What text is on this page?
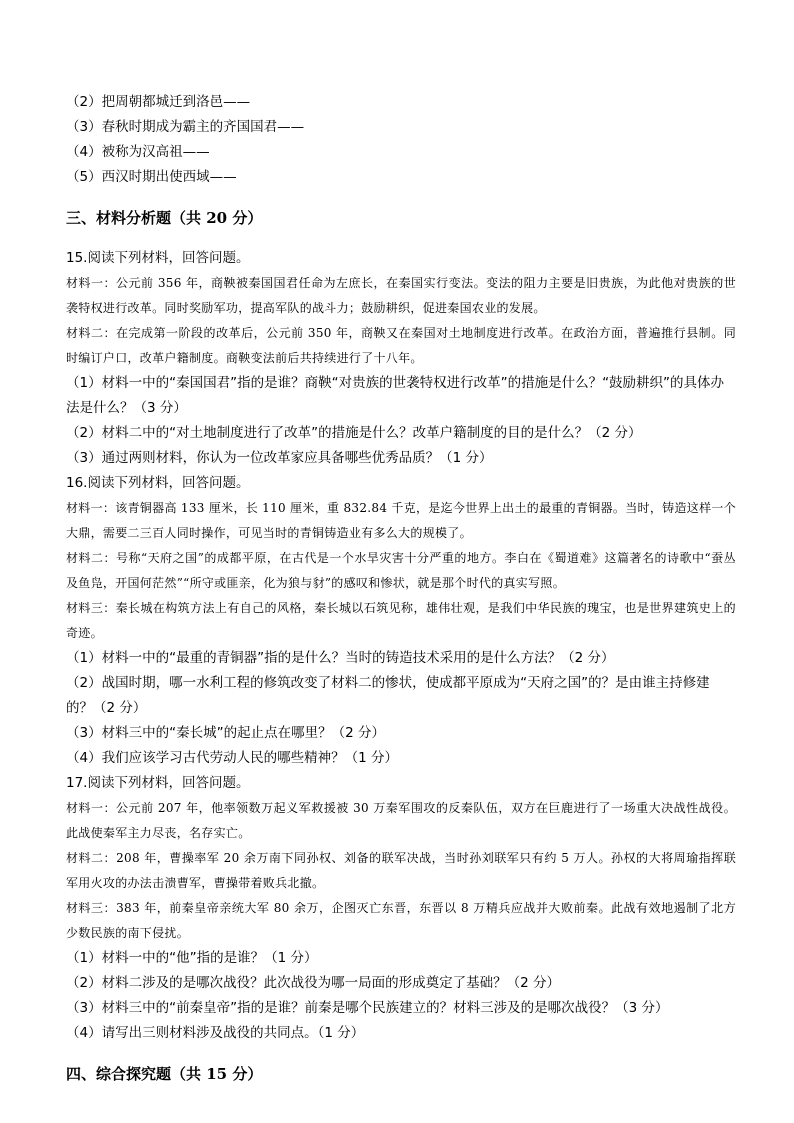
（2）把周朝都城迁到洛邑——

（3）春秋时期成为霸主的齐国国君——

（4）被称为汉高祖——

（5）西汉时期出使西域——

三、材料分析题（共 20 分）

15.阅读下列材料，回答问题。

材料一：公元前 356 年，商鞅被秦国国君任命为左庶长，在秦国实行变法。变法的阻力主要是旧贵族，为此他对贵族的世袭特权进行改革。同时奖励军功，提高军队的战斗力；鼓励耕织，促进秦国农业的发展。

材料二：在完成第一阶段的改革后，公元前 350 年，商鞅又在秦国对土地制度进行改革。在政治方面，普遍推行县制。同时编订户口，改革户籍制度。商鞅变法前后共持续进行了十八年。

（1）材料一中的“秦国国君”指的是谁？商鞅“对贵族的世袭特权进行改革”的措施是什么？“鼓励耕织”的具体办法是什么？（3 分）

（2）材料二中的“对土地制度进行了改革”的措施是什么？改革户籍制度的目的是什么？（2 分）

（3）通过两则材料，你认为一位改革家应具备哪些优秀品质？（1 分）

16.阅读下列材料，回答问题。

材料一：该青铜器高 133 厘米，长 110 厘米，重 832.84 千克，是迄今世界上出土的最重的青铜器。当时，铸造这样一个大鼎，需要二三百人同时操作，可见当时的青铜铸造业有多么大的规模了。

材料二：号称“天府之国”的成都平原，在古代是一个水旱灾害十分严重的地方。李白在《蜀道难》这篇著名的诗歌中“蚕丛及鱼凫，开国何茫然”“所守或匪亲，化为狼与豺”的感叹和惨状，就是那个时代的真实写照。

材料三：秦长城在构筑方法上有自己的风格，秦长城以石筑见称，雄伟壮观，是我们中华民族的瑰宝，也是世界建筑史上的奇迹。

（1）材料一中的“最重的青铜器”指的是什么？当时的铸造技术采用的是什么方法？（2 分）

（2）战国时期，哪一水利工程的修筑改变了材料二的惨状，使成都平原成为“天府之国”的？是由谁主持修建的？（2 分）

（3）材料三中的“秦长城”的起止点在哪里？（2 分）

（4）我们应该学习古代劳动人民的哪些精神？（1 分）

17.阅读下列材料，回答问题。

材料一：公元前 207 年，他率领数万起义军救援被 30 万秦军围攻的反秦队伍，双方在巨鹿进行了一场重大决战性战役。此战使秦军主力尽丧，名存实亡。

材料二：208 年，曹操率军 20 余万南下同孙权、刘备的联军决战，当时孙刘联军只有约 5 万人。孙权的大将周瑜指挥联军用火攻的办法击溃曹军，曹操带着败兵北撤。

材料三：383 年，前秦皇帝亲统大军 80 余万，企图灭亡东晋，东晋以 8 万精兵应战并大败前秦。此战有效地遏制了北方少数民族的南下侵扰。

（1）材料一中的“他”指的是谁？（1 分）

（2）材料二涉及的是哪次战役？此次战役为哪一局面的形成奠定了基础？（2 分）

（3）材料三中的“前秦皇帝”指的是谁？前秦是哪个民族建立的？材料三涉及的是哪次战役？（3 分）

（4）请写出三则材料涉及战役的共同点。（1 分）

四、综合探究题（共 15 分）
